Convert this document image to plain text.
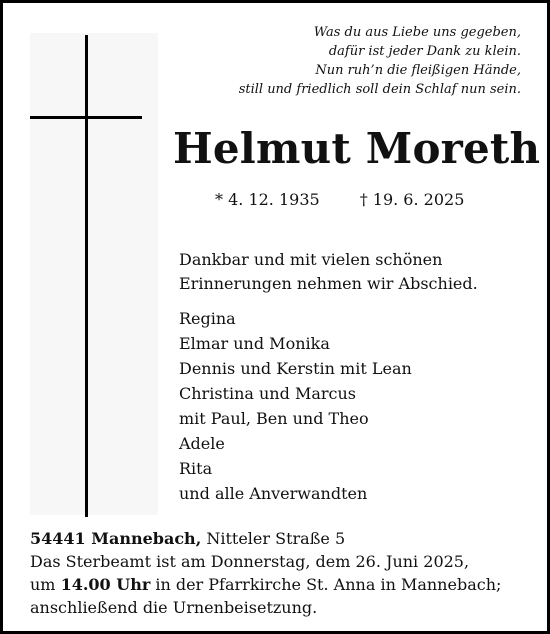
Was du aus Liebe uns gegeben,
dafür ist jeder Dank zu klein.
Nun ruh’n die fleißigen Hände,
still und friedlich soll dein Schlaf nun sein.
Helmut Moreth
* 4. 12. 1935	† 19. 6. 2025
Dankbar und mit vielen schönen
Erinnerungen nehmen wir Abschied.
Regina
Elmar und Monika
Dennis und Kerstin mit Lean
Christina und Marcus
mit Paul, Ben und Theo
Adele
Rita
und alle Anverwandten
54441 Mannebach, Nitteler Straße 5
Das Sterbeamt ist am Donnerstag, dem 26. Juni 2025,
um 14.00 Uhr in der Pfarrkirche St. Anna in Mannebach;
anschließend die Urnenbeisetzung.
